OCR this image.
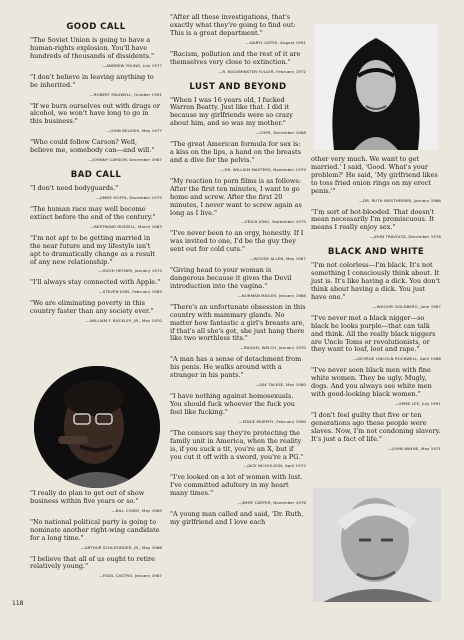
GOOD CALL
"The Soviet Union is going to have a human-rights explosion. You'll have hundreds of thousands of dissidents."
—ANDREW YOUNG, July 1977
"I don't believe in leaving anything to be inherited."
—ROBERT MAXWELL, October 1991
"If we burn ourselves out with drugs or alcohol, we won't have long to go in this business."
—JOHN BELUSHI, May 1977
"Who could follow Carson? Well, believe me, somebody can—and will."
—JOHNNY CARSON, December 1967
BAD CALL
"I don't need bodyguards."
—JIMMY HOFFA, December 1975
"The human race may well become extinct before the end of the century."
—BERTRAND RUSSELL, March 1963
"I'm not apt to be getting married in the near future and my lifestyle isn't apt to dramatically change as a result of any new relationship."
—HUGH HEFNER, January 1974
"I'll always stay connected with Apple."
—STEVEN JOBS, February 1985
"We are eliminating poverty in this country faster than any society ever."
—WILLIAM F. BUCKLEY, JR., May 1970
"I really do plan to get out of show business within five years or so."
—BILL COSBY, May 1969
"No national political party is going to nominate another right-wing candidate for a long time."
—ARTHUR SCHLESINGER, JR., May 1966
"I believe that all of us ought to retire relatively young."
—FIDEL CASTRO, January 1967
"After all these investigations, that's exactly what they're going to find out: This is a great department."
—DARYL GATES, August 1991
"Racism, pollution and the rest of it are themselves very close to extinction."
—R. BUCKMINSTER FULLER, February 1972
LUST AND BEYOND
"When I was 16 years old, I fucked Warren Beatty. Just like that. I did it because my girlfriends were so crazy about him, and so was my mother."
—CHER, December 1988
"The great American formula for sex is: a kiss on the lips, a hand on the breasts and a dive for the pelvis."
—DR. WILLIAM MASTERS, November 1979
"My reaction to porn films is as follows: After the first ten minutes, I want to go home and screw. After the first 20 minutes, I never want to screw again as long as I live."
—ERICA JONG, September 1975
"I've never been to an orgy, honestly. If I was invited to one, I'd be the guy they sent out for cold cuts."
—WOODY ALLEN, May 1967
"Giving head to your woman is dangerous because it gives the Devil introduction into the vagina."
—NORMAN MAILER, January 1968
"There's an unfortunate obsession in this country with mammary glands. No matter how fantastic a girl's breasts are, if that's all she's got, she just hang there like two worthless tits."
—RAQUEL WELCH, January 1970
"A man has a sense of detachment from his penis. He walks around with a stranger in his pants."
—GAY TALESE, May 1980
"I have nothing against homosexuals. You should fuck whoever the fuck you feel like fucking."
—EDDIE MURPHY, February 1990
"The censors say they're protecting the family unit in America, when the reality is, if you suck a tit, you're an X, but if you cut it off with a sword, you're a PG."
—JACK NICHOLSON, April 1972
"I've looked on a lot of women with lust. I've committed adultery in my heart many times."
—JIMMY CARTER, November 1976
"A young man called and said, 'Dr. Ruth, my girlfriend and I love each
other very much. We want to get married.' I said, 'Good. What's your problem?' He said, 'My girlfriend likes to toss fried onion rings on my erect penis.'"
—DR. RUTH WESTHEIMER, January 1986
"I'm sort of hot-blooded. That doesn't mean necessarily I'm promiscuous. It means I really enjoy sex."
—JOHN TRAVOLTA, December 1978
BLACK AND WHITE
"I'm not colorless—I'm black. It's not something I consciously think about. It just is. It's like having a dick. You don't think about having a dick. You just have one."
—WHOOPI GOLDBERG, June 1987
"I've never met a black nigger—so black he looks purple—that can talk and think. All the really black niggers are Uncle Toms or revolutionists, or they want to loaf, loot and rape."
—GEORGE LINCOLN ROCKWELL, April 1966
"I've never seen black men with fine white women. They be ugly. Mugly, dogs. And you always see white men with good-looking black women."
—SPIKE LEE, July 1991
"I don't feel guilty that five or ten generations ago these people were slaves. Now, I'm not condoning slavery. It's just a fact of life."
—JOHN WAYNE, May 1971
118
